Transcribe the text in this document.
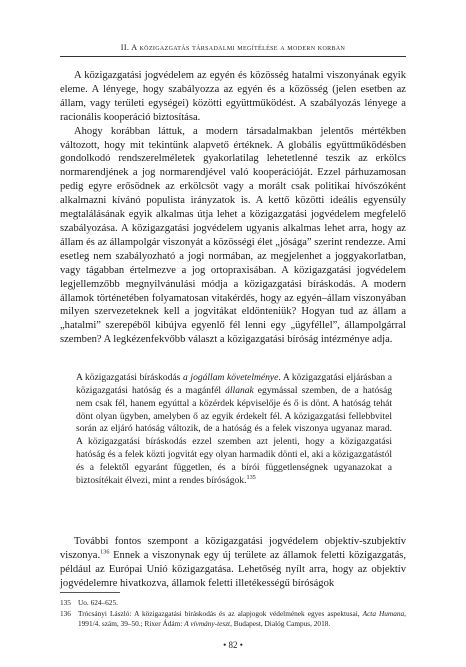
II. A közigazgatás társadalmi megítélése a modern korban

A közigazgatási jogvédelem az egyén és közösség hatalmi viszonyának egyik eleme. A lényege, hogy szabályozza az egyén és a közösség (jelen esetben az állam, vagy területi egységei) közötti együttműködést. A szabályozás lényege a racionális kooperáció biztosítása.

Ahogy korábban láttuk, a modern társadalmakban jelentős mértékben változott, hogy mit tekintünk alapvető értéknek. A globális együttműködésben gondolkodó rendszerelméletek gyakorlatilag lehetetlenné teszik az erkölcs normarendjének a jog normarendjével való kooperációját. Ezzel párhuzamosan pedig egyre erősödnek az erkölcsöt vagy a morált csak politikai hívószóként alkalmazni kívánó populista irányzatok is. A kettő közötti ideális egyensúly megtalálásának egyik alkalmas útja lehet a közigazgatási jogvédelem megfelelő szabályozása. A közigazgatási jogvédelem ugyanis alkalmas lehet arra, hogy az állam és az állampolgár viszonyát a közösségi élet „jósága” szerint rendezze. Ami esetleg nem szabályozható a jogi normában, az megjelenhet a joggyakorlatban, vagy tágabban értelmezve a jog ortopraxisában. A közigazgatási jogvédelem legjellemzőbb megnyilvánulási módja a közigazgatási bíráskodás. A modern államok történetében folyamatosan vitakérdés, hogy az egyén–állam viszonyában milyen szervezeteknek kell a jogvitákat eldönteniük? Hogyan tud az állam a „hatalmi” szerepéből kibújva egyenlő fél lenni egy „ügyféllel”, állampolgárral szemben? A legkézenfekvőbb választ a közigazgatási bíróság intézménye adja.

A közigazgatási bíráskodás a jogállam követelménye. A közigazgatási eljárásban a közigazgatási hatóság és a magánfél állanak egymással szemben, de a hatóság nem csak fél, hanem egyúttal a közérdek képviselője és ő is dönt. A hatóság tehát dönt olyan ügyben, amelyben ő az egyik érdekelt fél. A közigazgatási fellebbvitel során az eljáró hatóság változik, de a hatóság és a felek viszonya ugyanaz marad. A közigazgatási bíráskodás ezzel szemben azt jelenti, hogy a közigazgatási hatóság és a felek közti jogvitát egy olyan harmadik dönti el, aki a közigazgatástól és a felektől egyaránt független, és a bírói függetlenségnek ugyanazokat a biztosítékait élvezi, mint a rendes bíróságok.$^{135}$

További fontos szempont a közigazgatási jogvédelem objektív-szubjektív viszonya.$^{136}$ Ennek a viszonynak egy új területe az államok feletti közigazgatás, például az Európai Unió közigazgatása. Lehetőség nyílt arra, hogy az objektív jogvédelemre hivatkozva, államok feletti illetékességű bíróságok

135 Uo. 624–625.

136 Trócsányi László: A közigazgatási bíráskodás és az alapjogok védelmének egyes aspektusai, Acta Humana, 1991/4. szám, 39–50.; Rixer Ádám: A vívmány-teszt, Budapest, Dialóg Campus, 2018.

• 82 •
